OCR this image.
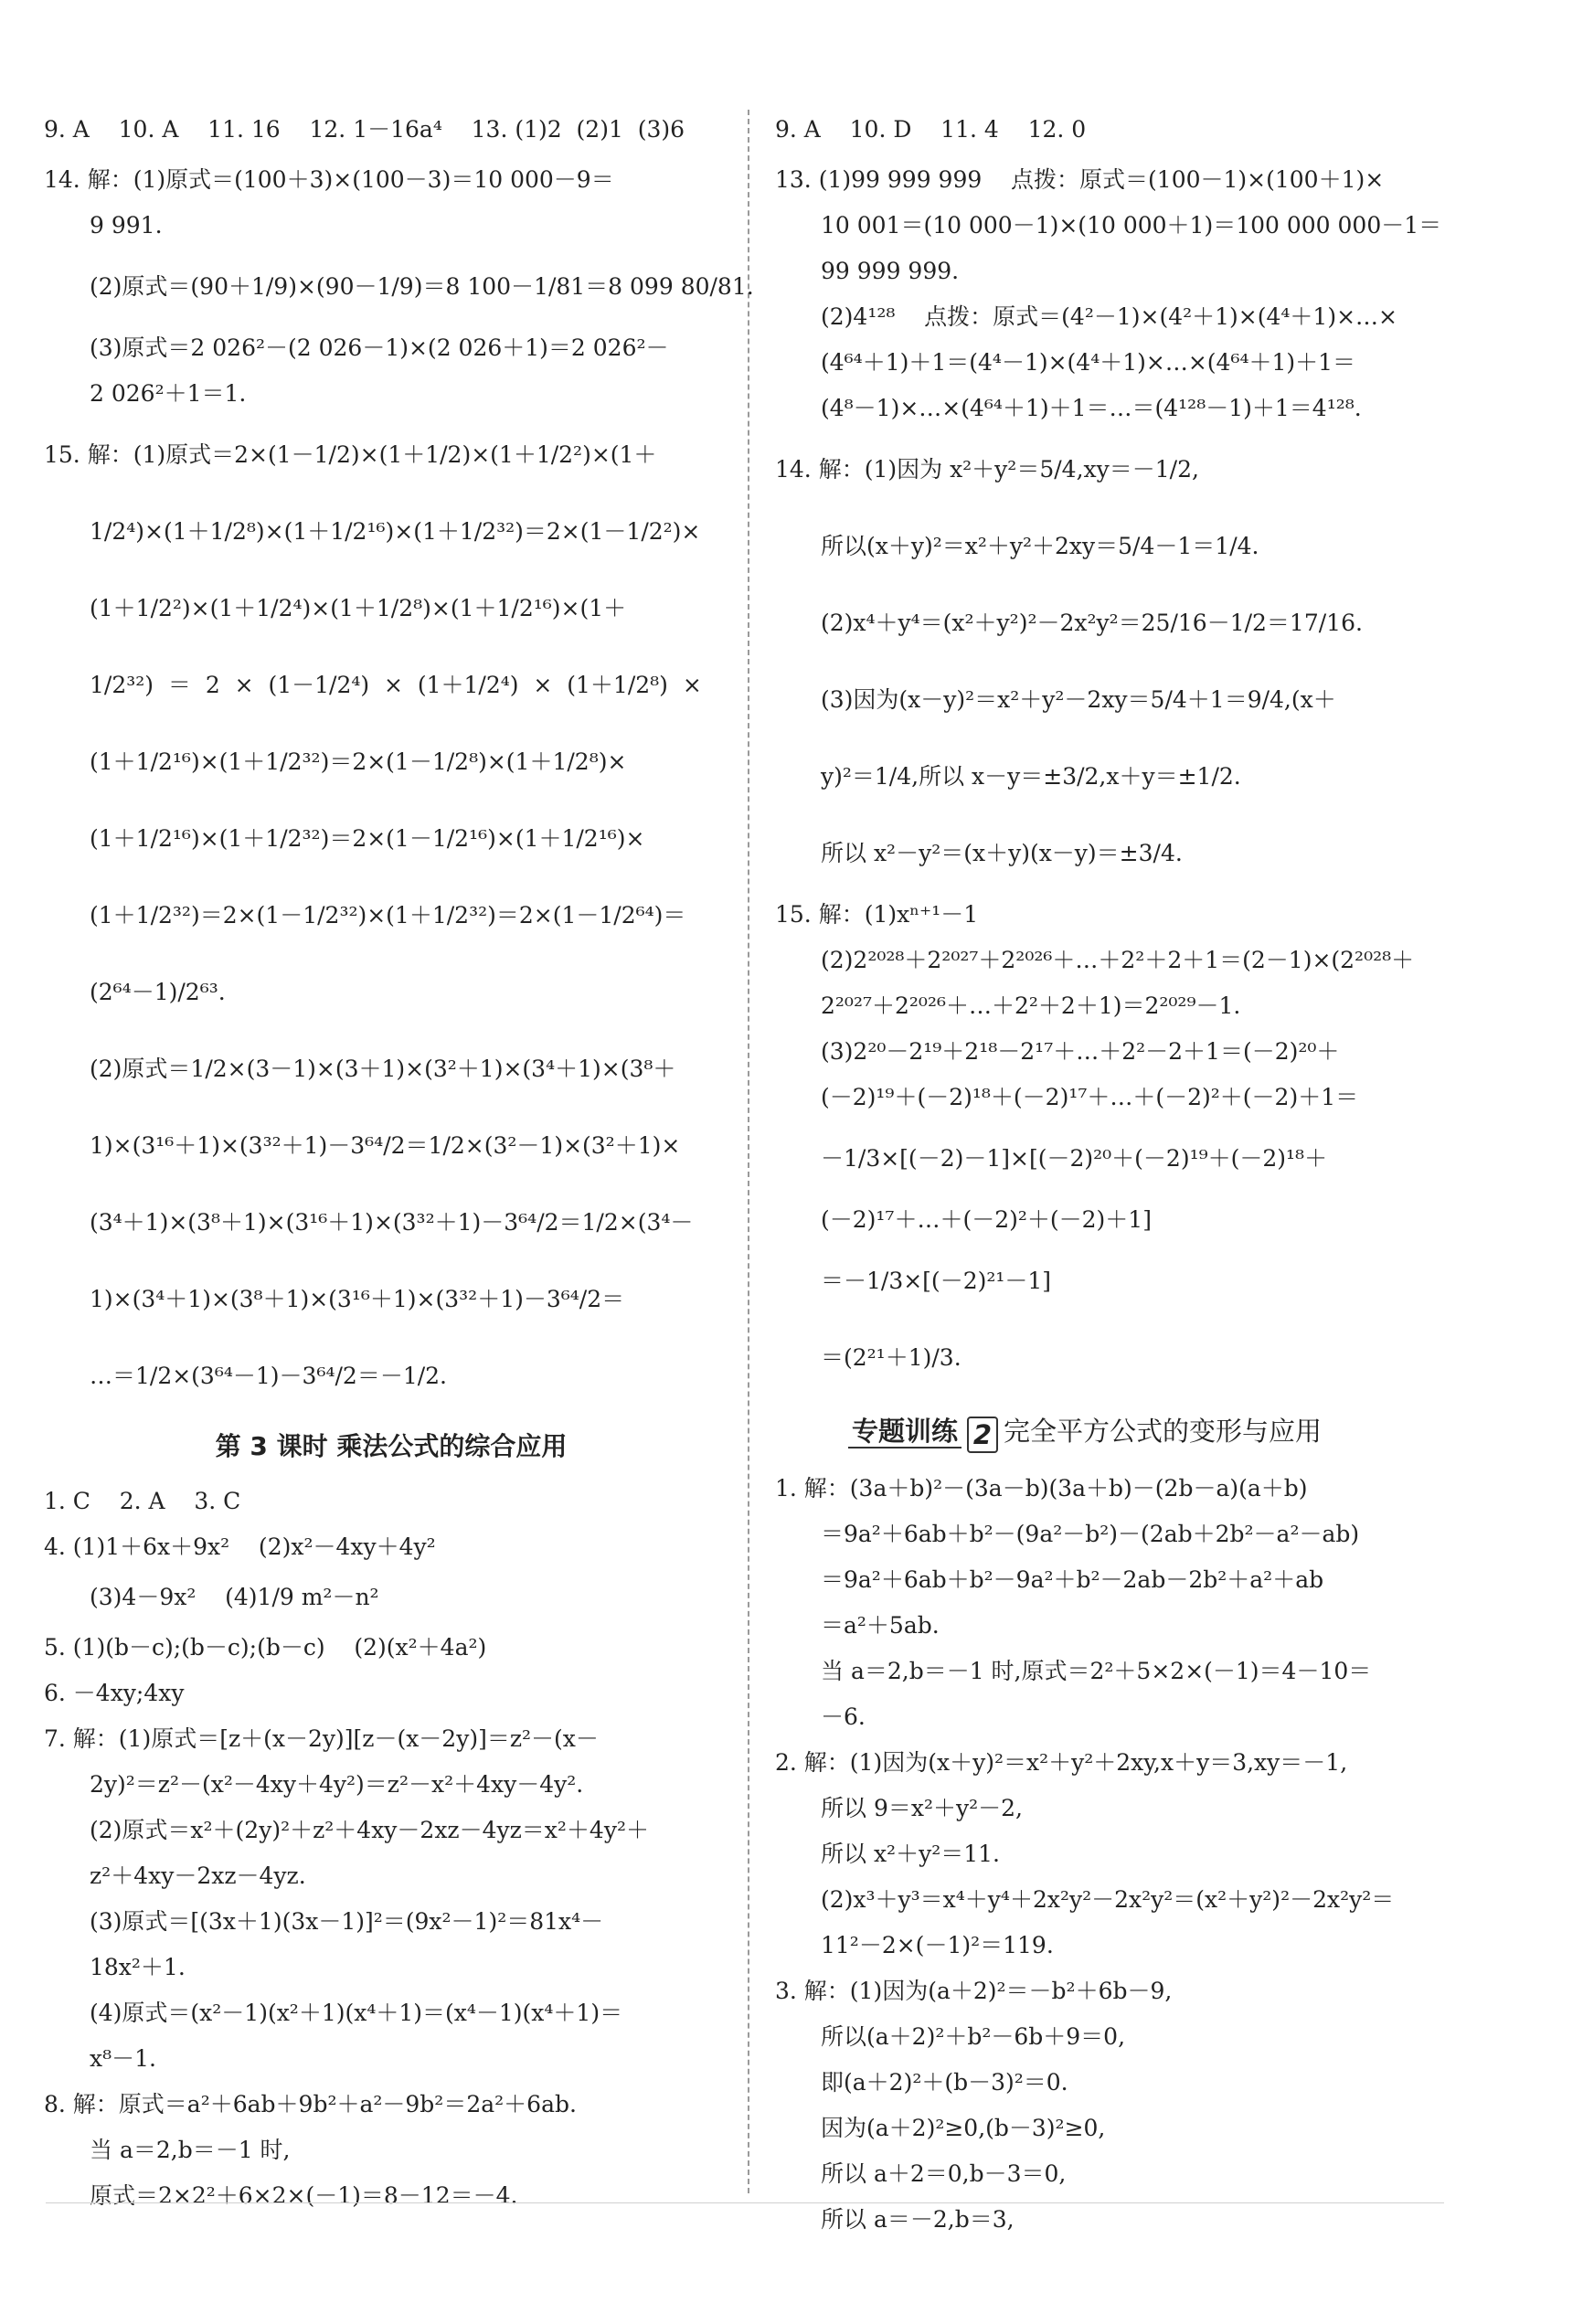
9. A    10. A    11. 16    12. 1－16a⁴    13. (1)2  (2)1  (3)6
14. 解：(1)原式＝(100＋3)×(100－3)＝10 000－9＝
9 991.
(2)原式＝(90＋1/9)×(90－1/9)＝8 100－1/81＝8 099 80/81.
(3)原式＝2 026²－(2 026－1)×(2 026＋1)＝2 026²－
2 026²＋1＝1.
15. 解：(1)原式＝2×(1－1/2)×(1＋1/2)×(1＋1/2²)×(1＋
1/2⁴)×(1＋1/2⁸)×(1＋1/2¹⁶)×(1＋1/2³²)＝2×(1－1/2²)×
(1＋1/2²)×(1＋1/2⁴)×(1＋1/2⁸)×(1＋1/2¹⁶)×(1＋
1/2³²)  ＝  2  ×  (1－1/2⁴)  ×  (1＋1/2⁴)  ×  (1＋1/2⁸)  ×
(1＋1/2¹⁶)×(1＋1/2³²)＝2×(1－1/2⁸)×(1＋1/2⁸)×
(1＋1/2¹⁶)×(1＋1/2³²)＝2×(1－1/2¹⁶)×(1＋1/2¹⁶)×
(1＋1/2³²)＝2×(1－1/2³²)×(1＋1/2³²)＝2×(1－1/2⁶⁴)＝
(2⁶⁴－1)/2⁶³.
(2)原式＝1/2×(3－1)×(3＋1)×(3²＋1)×(3⁴＋1)×(3⁸＋
1)×(3¹⁶＋1)×(3³²＋1)－3⁶⁴/2＝1/2×(3²－1)×(3²＋1)×
(3⁴＋1)×(3⁸＋1)×(3¹⁶＋1)×(3³²＋1)－3⁶⁴/2＝1/2×(3⁴－
1)×(3⁴＋1)×(3⁸＋1)×(3¹⁶＋1)×(3³²＋1)－3⁶⁴/2＝
…＝1/2×(3⁶⁴－1)－3⁶⁴/2＝－1/2.
第 3 课时 乘法公式的综合应用
1. C    2. A    3. C
4. (1)1＋6x＋9x²    (2)x²－4xy＋4y²
(3)4－9x²    (4)1/9 m²－n²
5. (1)(b－c);(b－c);(b－c)    (2)(x²＋4a²)
6. －4xy;4xy
7. 解：(1)原式＝[z＋(x－2y)][z－(x－2y)]＝z²－(x－
2y)²＝z²－(x²－4xy＋4y²)＝z²－x²＋4xy－4y².
(2)原式＝x²＋(2y)²＋z²＋4xy－2xz－4yz＝x²＋4y²＋
z²＋4xy－2xz－4yz.
(3)原式＝[(3x＋1)(3x－1)]²＝(9x²－1)²＝81x⁴－
18x²＋1.
(4)原式＝(x²－1)(x²＋1)(x⁴＋1)＝(x⁴－1)(x⁴＋1)＝
x⁸－1.
8. 解：原式＝a²＋6ab＋9b²＋a²－9b²＝2a²＋6ab.
当 a＝2,b＝－1 时,
原式＝2×2²＋6×2×(－1)＝8－12＝－4.
9. A    10. D    11. 4    12. 0
13. (1)99 999 999    点拨：原式＝(100－1)×(100＋1)×
10 001＝(10 000－1)×(10 000＋1)＝100 000 000－1＝
99 999 999.
(2)4¹²⁸    点拨：原式＝(4²－1)×(4²＋1)×(4⁴＋1)×…×
(4⁶⁴＋1)＋1＝(4⁴－1)×(4⁴＋1)×…×(4⁶⁴＋1)＋1＝
(4⁸－1)×…×(4⁶⁴＋1)＋1＝…＝(4¹²⁸－1)＋1＝4¹²⁸.
14. 解：(1)因为 x²＋y²＝5/4,xy＝－1/2,
所以(x＋y)²＝x²＋y²＋2xy＝5/4－1＝1/4.
(2)x⁴＋y⁴＝(x²＋y²)²－2x²y²＝25/16－1/2＝17/16.
(3)因为(x－y)²＝x²＋y²－2xy＝5/4＋1＝9/4,(x＋
y)²＝1/4,所以 x－y＝±3/2,x＋y＝±1/2.
所以 x²－y²＝(x＋y)(x－y)＝±3/4.
15. 解：(1)xⁿ⁺¹－1
(2)2²⁰²⁸＋2²⁰²⁷＋2²⁰²⁶＋…＋2²＋2＋1＝(2－1)×(2²⁰²⁸＋
2²⁰²⁷＋2²⁰²⁶＋…＋2²＋2＋1)＝2²⁰²⁹－1.
(3)2²⁰－2¹⁹＋2¹⁸－2¹⁷＋…＋2²－2＋1＝(－2)²⁰＋
(－2)¹⁹＋(－2)¹⁸＋(－2)¹⁷＋…＋(－2)²＋(－2)＋1＝
－1/3×[(－2)－1]×[(－2)²⁰＋(－2)¹⁹＋(－2)¹⁸＋
(－2)¹⁷＋…＋(－2)²＋(－2)＋1]
＝－1/3×[(－2)²¹－1]
＝(2²¹＋1)/3.
专题训练 2 完全平方公式的变形与应用
1. 解：(3a＋b)²－(3a－b)(3a＋b)－(2b－a)(a＋b)
＝9a²＋6ab＋b²－(9a²－b²)－(2ab＋2b²－a²－ab)
＝9a²＋6ab＋b²－9a²＋b²－2ab－2b²＋a²＋ab
＝a²＋5ab.
当 a＝2,b＝－1 时,原式＝2²＋5×2×(－1)＝4－10＝
－6.
2. 解：(1)因为(x＋y)²＝x²＋y²＋2xy,x＋y＝3,xy＝－1,
所以 9＝x²＋y²－2,
所以 x²＋y²＝11.
(2)x³＋y³＝x⁴＋y⁴＋2x²y²－2x²y²＝(x²＋y²)²－2x²y²＝
11²－2×(－1)²＝119.
3. 解：(1)因为(a＋2)²＝－b²＋6b－9,
所以(a＋2)²＋b²－6b＋9＝0,
即(a＋2)²＋(b－3)²＝0.
因为(a＋2)²≥0,(b－3)²≥0,
所以 a＋2＝0,b－3＝0,
所以 a＝－2,b＝3,
